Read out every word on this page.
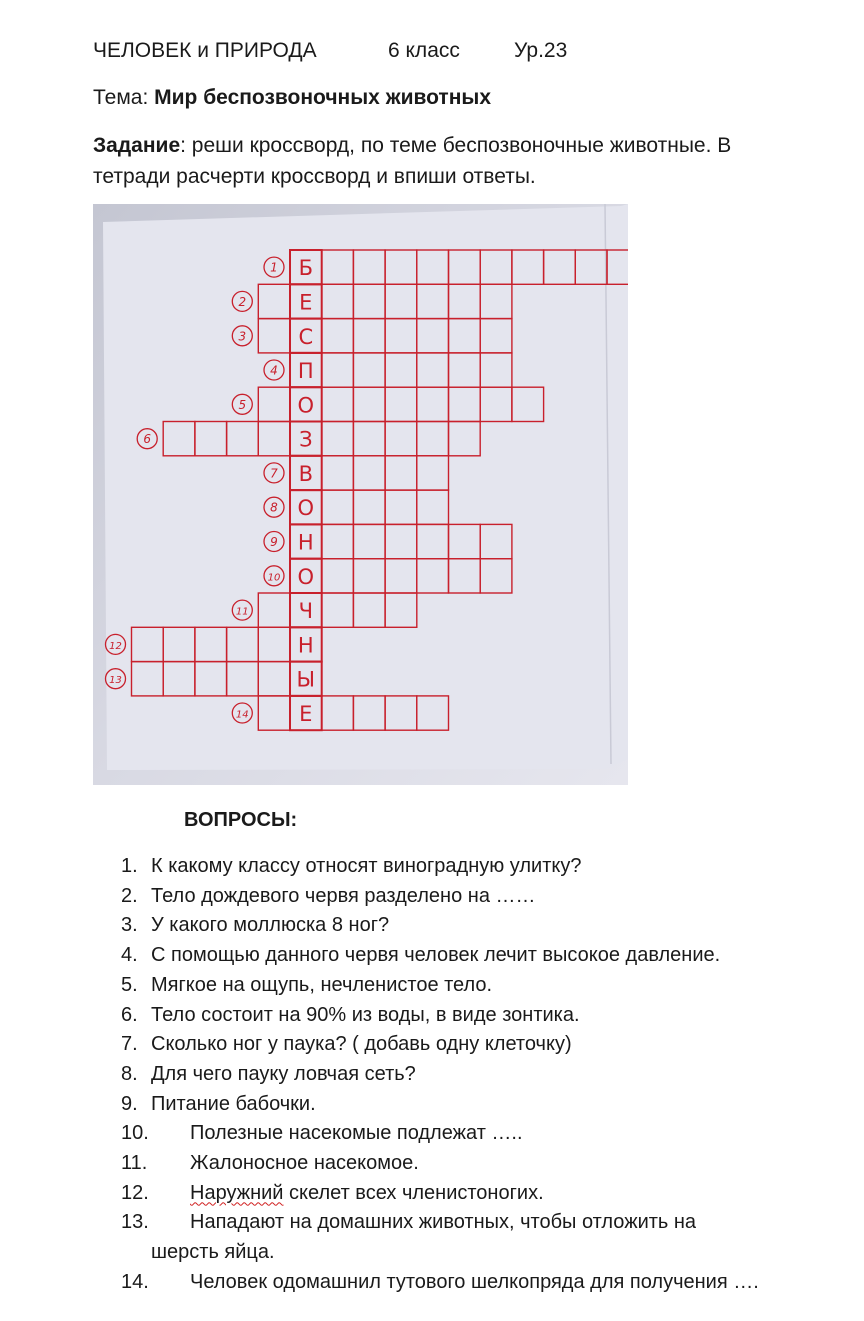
ЧЕЛОВЕК и ПРИРОДА	6 класс	Ур.23
Тема: Мир беспозвоночных животных
Задание: реши кроссворд, по теме беспозвоночные животные. В тетради расчерти кроссворд и впиши ответы.
Б
1
Е
2
С
3
П
4
О
5
З
6
В
7
О
8
Н
9
О
10
Ч
11
Н
12
Ы
13
Е
14
ВОПРОСЫ:
1. К какому классу относят виноградную улитку?
2. Тело дождевого червя разделено на ……
3. У какого моллюска 8 ног?
4. С помощью данного червя человек лечит высокое давление.
5. Мягкое на ощупь, нечленистое тело.
6. Тело состоит на 90% из воды, в виде зонтика.
7. Сколько ног у паука? ( добавь одну клеточку)
8. Для чего пауку ловчая сеть?
9. Питание бабочки.
10.	Полезные насекомые подлежат …..
11.	Жалоносное насекомое.
12.	Наружний скелет всех членистоногих.
13.	Нападают на домашних животных, чтобы отложить на
шерсть яйца.
14.	Человек одомашнил тутового шелкопряда для получения ….
